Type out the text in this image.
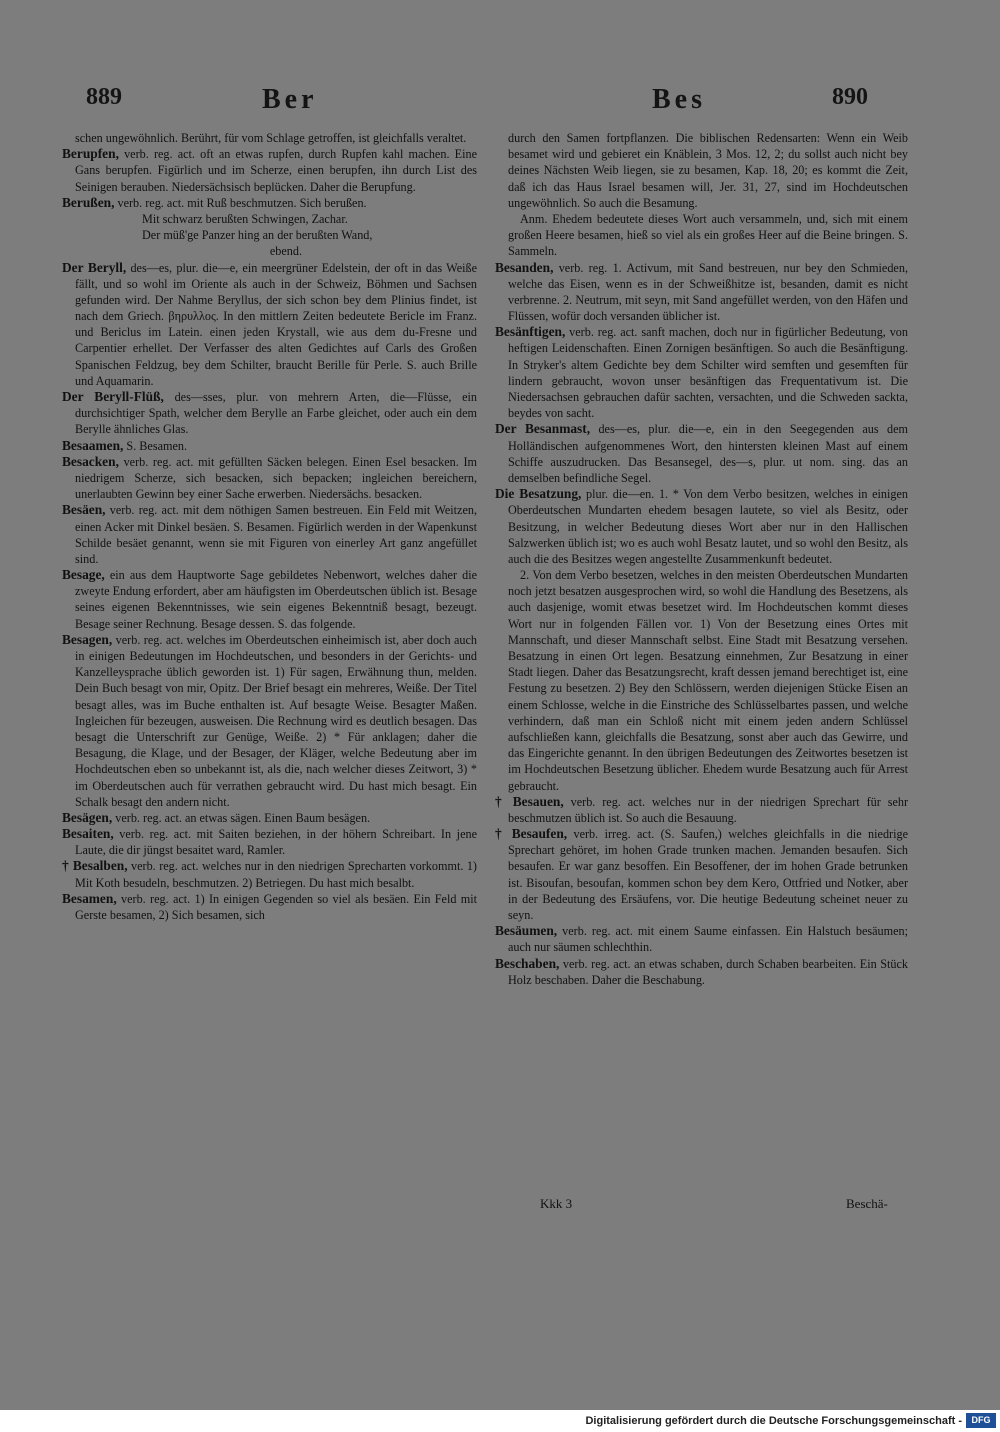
889	Ber	Bes	890

schen ungewöhnlich. Berührt, für vom Schlage getroffen, ist gleichfalls veraltet.

Berupfen, verb. reg. act. oft an etwas rupfen, durch Rupfen kahl machen. Eine Gans berupfen. Figürlich und im Scherze, einen berupfen, ihn durch List des Seinigen berauben. Niedersächsisch beplücken. Daher die Berupfung.

Berußen, verb. reg. act. mit Ruß beschmutzen. Sich berußen.

Mit schwarz berußten Schwingen, Zachar.

Der müß'ge Panzer hing an der berußten Wand,

ebend.

Der Beryll, des—es, plur. die—e, ein meergrüner Edelstein, der oft in das Weiße fällt, und so wohl im Oriente als auch in der Schweiz, Böhmen und Sachsen gefunden wird. Der Nahme Beryllus, der sich schon bey dem Plinius findet, ist nach dem Griech. βηρυλλος. In den mittlern Zeiten bedeutete Bericle im Franz. und Bericlus im Latein. einen jeden Krystall, wie aus dem du-Fresne und Carpentier erhellet. Der Verfasser des alten Gedichtes auf Carls des Großen Spanischen Feldzug, bey dem Schilter, braucht Berille für Perle. S. auch Brille und Aquamarin.

Der Beryll-Flüß, des—sses, plur. von mehrern Arten, die—Flüsse, ein durchsichtiger Spath, welcher dem Berylle an Farbe gleichet, oder auch ein dem Berylle ähnliches Glas.

Besaamen, S. Besamen.

Besacken, verb. reg. act. mit gefüllten Säcken belegen. Einen Esel besacken. Im niedrigem Scherze, sich besacken, sich bepacken; ingleichen bereichern, unerlaubten Gewinn bey einer Sache erwerben. Niedersächs. besacken.

Besäen, verb. reg. act. mit dem nöthigen Samen bestreuen. Ein Feld mit Weitzen, einen Acker mit Dinkel besäen. S. Besamen. Figürlich werden in der Wapenkunst Schilde besäet genannt, wenn sie mit Figuren von einerley Art ganz angefüllet sind.

Besage, ein aus dem Hauptworte Sage gebildetes Nebenwort, welches daher die zweyte Endung erfordert, aber am häufigsten im Oberdeutschen üblich ist. Besage seines eigenen Bekenntnisses, wie sein eigenes Bekenntniß besagt, bezeugt. Besage seiner Rechnung. Besage dessen. S. das folgende.

Besagen, verb. reg. act. welches im Oberdeutschen einheimisch ist, aber doch auch in einigen Bedeutungen im Hochdeutschen, und besonders in der Gerichts- und Kanzelleysprache üblich geworden ist. 1) Für sagen, Erwähnung thun, melden. Dein Buch besagt von mir, Opitz. Der Brief besagt ein mehreres, Weiße. Der Titel besagt alles, was im Buche enthalten ist. Auf besagte Weise. Besagter Maßen. Ingleichen für bezeugen, ausweisen. Die Rechnung wird es deutlich besagen. Das besagt die Unterschrift zur Genüge, Weiße. 2) * Für anklagen; daher die Besagung, die Klage, und der Besager, der Kläger, welche Bedeutung aber im Hochdeutschen eben so unbekannt ist, als die, nach welcher dieses Zeitwort, 3) * im Oberdeutschen auch für verrathen gebraucht wird. Du hast mich besagt. Ein Schalk besagt den andern nicht.

Besägen, verb. reg. act. an etwas sägen. Einen Baum besägen.

Besaiten, verb. reg. act. mit Saiten beziehen, in der höhern Schreibart. In jene Laute, die dir jüngst besaitet ward, Ramler.

† Besalben, verb. reg. act. welches nur in den niedrigen Sprecharten vorkommt. 1) Mit Koth besudeln, beschmutzen. 2) Betriegen. Du hast mich besalbt.

Besamen, verb. reg. act. 1) In einigen Gegenden so viel als besäen. Ein Feld mit Gerste besamen, 2) Sich besamen, sich

durch den Samen fortpflanzen. Die biblischen Redensarten: Wenn ein Weib besamet wird und gebieret ein Knäblein, 3 Mos. 12, 2; du sollst auch nicht bey deines Nächsten Weib liegen, sie zu besamen, Kap. 18, 20; es kommt die Zeit, daß ich das Haus Israel besamen will, Jer. 31, 27, sind im Hochdeutschen ungewöhnlich. So auch die Besamung.

Anm. Ehedem bedeutete dieses Wort auch versammeln, und, sich mit einem großen Heere besamen, hieß so viel als ein großes Heer auf die Beine bringen. S. Sammeln.

Besanden, verb. reg. 1. Activum, mit Sand bestreuen, nur bey den Schmieden, welche das Eisen, wenn es in der Schweißhitze ist, besanden, damit es nicht verbrenne. 2. Neutrum, mit seyn, mit Sand angefüllet werden, von den Häfen und Flüssen, wofür doch versanden üblicher ist.

Besänftigen, verb. reg. act. sanft machen, doch nur in figürlicher Bedeutung, von heftigen Leidenschaften. Einen Zornigen besänftigen. So auch die Besänftigung. In Stryker's altem Gedichte bey dem Schilter wird semften und gesemften für lindern gebraucht, wovon unser besänftigen das Frequentativum ist. Die Niedersachsen gebrauchen dafür sachten, versachten, und die Schweden sackta, beydes von sacht.

Der Besanmast, des—es, plur. die—e, ein in den Seegegenden aus dem Holländischen aufgenommenes Wort, den hintersten kleinen Mast auf einem Schiffe auszudrucken. Das Besansegel, des—s, plur. ut nom. sing. das an demselben befindliche Segel.

Die Besatzung, plur. die—en. 1. * Von dem Verbo besitzen, welches in einigen Oberdeutschen Mundarten ehedem besagen lautete, so viel als Besitz, oder Besitzung, in welcher Bedeutung dieses Wort aber nur in den Hallischen Salzwerken üblich ist; wo es auch wohl Besatz lautet, und so wohl den Besitz, als auch die des Besitzes wegen angestellte Zusammenkunft bedeutet.

2. Von dem Verbo besetzen, welches in den meisten Oberdeutschen Mundarten noch jetzt besatzen ausgesprochen wird, so wohl die Handlung des Besetzens, als auch dasjenige, womit etwas besetzet wird. Im Hochdeutschen kommt dieses Wort nur in folgenden Fällen vor. 1) Von der Besetzung eines Ortes mit Mannschaft, und dieser Mannschaft selbst. Eine Stadt mit Besatzung versehen. Besatzung in einen Ort legen. Besatzung einnehmen, Zur Besatzung in einer Stadt liegen. Daher das Besatzungsrecht, kraft dessen jemand berechtiget ist, eine Festung zu besetzen. 2) Bey den Schlössern, werden diejenigen Stücke Eisen an einem Schlosse, welche in die Einstriche des Schlüsselbartes passen, und welche verhindern, daß man ein Schloß nicht mit einem jeden andern Schlüssel aufschließen kann, gleichfalls die Besatzung, sonst aber auch das Gewirre, und das Eingerichte genannt. In den übrigen Bedeutungen des Zeitwortes besetzen ist im Hochdeutschen Besetzung üblicher. Ehedem wurde Besatzung auch für Arrest gebraucht.

† Besauen, verb. reg. act. welches nur in der niedrigen Sprechart für sehr beschmutzen üblich ist. So auch die Besauung.

† Besaufen, verb. irreg. act. (S. Saufen,) welches gleichfalls in die niedrige Sprechart gehöret, im hohen Grade trunken machen. Jemanden besaufen. Sich besaufen. Er war ganz besoffen. Ein Besoffener, der im hohen Grade betrunken ist. Bisoufan, besoufan, kommen schon bey dem Kero, Ottfried und Notker, aber in der Bedeutung des Ersäufens, vor. Die heutige Bedeutung scheinet neuer zu seyn.

Besäumen, verb. reg. act. mit einem Saume einfassen. Ein Halstuch besäumen; auch nur säumen schlechthin.

Beschaben, verb. reg. act. an etwas schaben, durch Schaben bearbeiten. Ein Stück Holz beschaben. Daher die Beschabung.

Kkk 3	Beschä-
Digitalisierung gefördert durch die Deutsche Forschungsgemeinschaft -	DFG
